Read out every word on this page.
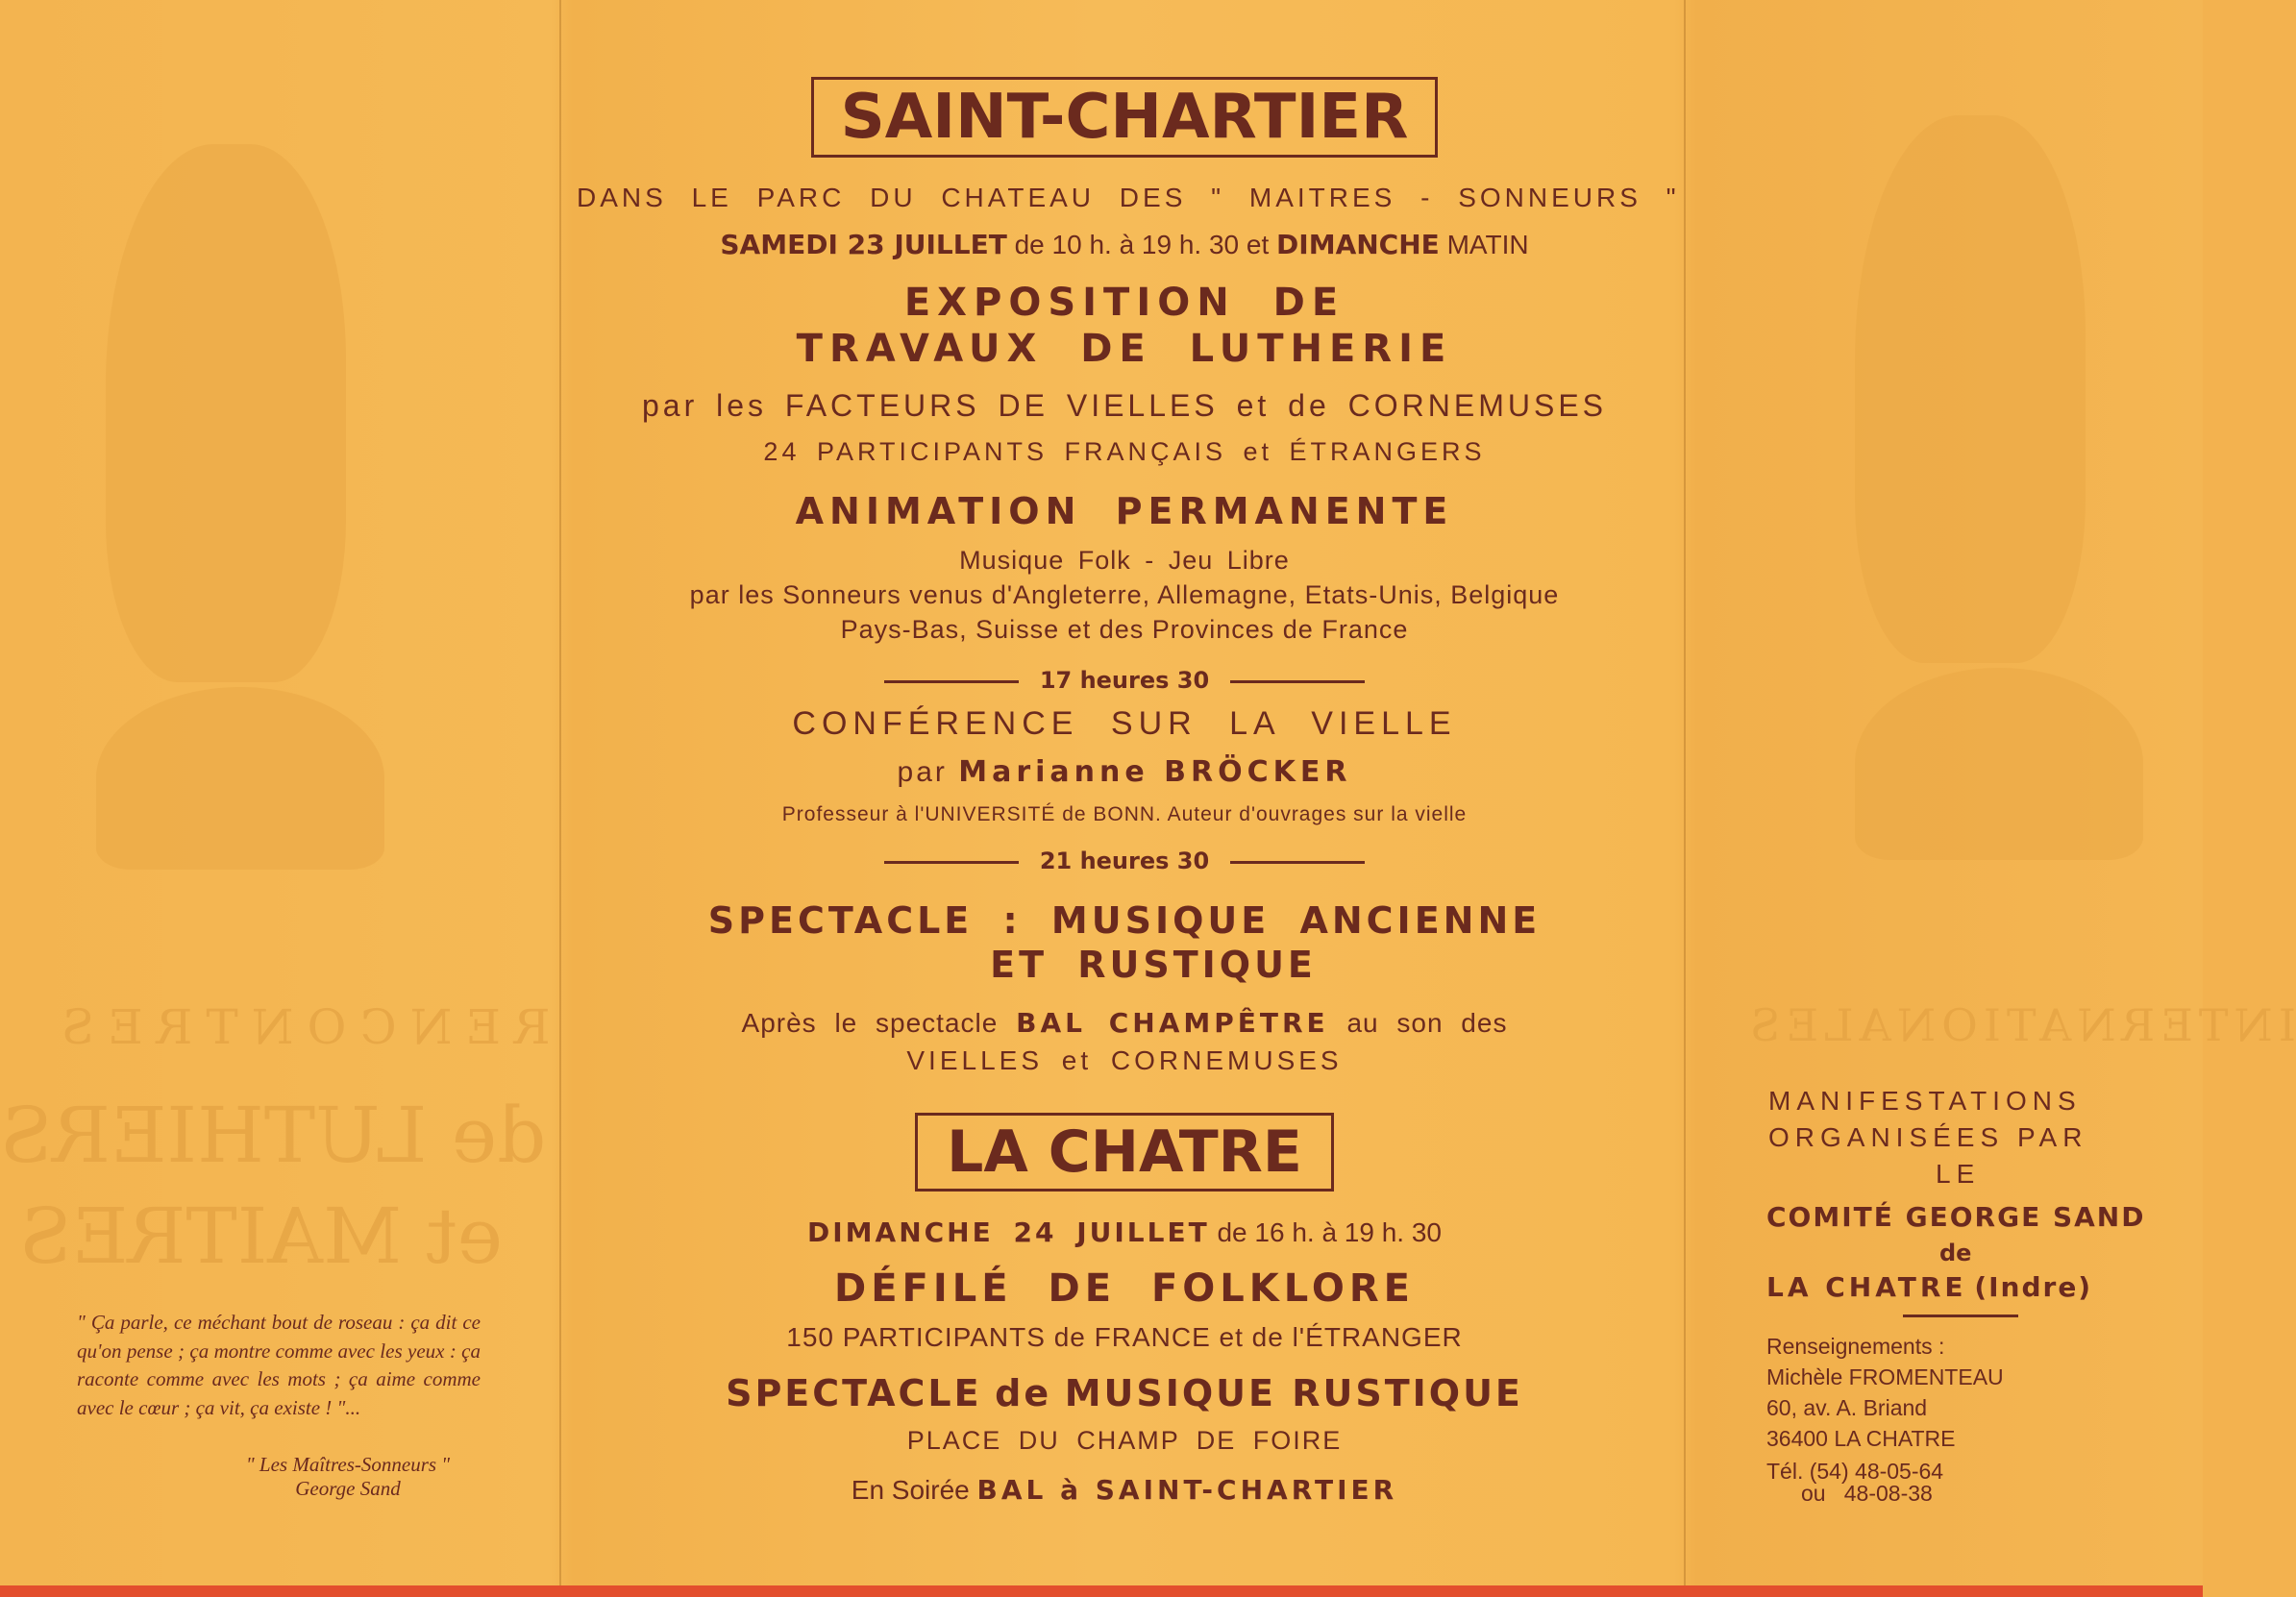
RENCONTRES
de LUTHIERS
et MAITRES
INTERNATIONALES
SAINT-CHARTIER
DANS LE PARC DU CHATEAU DES " MAITRES - SONNEURS "
SAMEDI 23 JUILLET de 10 h. à 19 h. 30 et DIMANCHE MATIN
EXPOSITION DE
TRAVAUX DE LUTHERIE
par les FACTEURS DE VIELLES et de CORNEMUSES
24 PARTICIPANTS FRANÇAIS et ÉTRANGERS
ANIMATION PERMANENTE
Musique Folk - Jeu Libre
par les Sonneurs venus d'Angleterre, Allemagne, Etats-Unis, Belgique
Pays-Bas, Suisse et des Provinces de France
17 heures 30
CONFÉRENCE SUR LA VIELLE
par Marianne BRÖCKER
Professeur à l'UNIVERSITÉ de BONN. Auteur d'ouvrages sur la vielle
21 heures 30
SPECTACLE : MUSIQUE ANCIENNE
ET RUSTIQUE
Après le spectacle BAL CHAMPÊTRE au son des
VIELLES et CORNEMUSES
LA CHATRE
DIMANCHE 24 JUILLET de 16 h. à 19 h. 30
DÉFILÉ DE FOLKLORE
150 PARTICIPANTS de FRANCE et de l'ÉTRANGER
SPECTACLE de MUSIQUE RUSTIQUE
PLACE DU CHAMP DE FOIRE
En Soirée BAL à SAINT-CHARTIER
" Ça parle, ce méchant bout de roseau : ça dit ce qu'on pense ; ça montre comme avec les yeux : ça raconte comme avec les mots ; ça aime comme avec le cœur ; ça vit, ça existe ! "...
" Les Maîtres-Sonneurs "
George Sand
MANIFESTATIONS
ORGANISÉES PAR
LE
COMITÉ GEORGE SAND
de
LA CHATRE (Indre)
Renseignements :
Michèle FROMENTEAU
60, av. A. Briand
36400 LA CHATRE
Tél. (54) 48-05-64
ou   48-08-38
